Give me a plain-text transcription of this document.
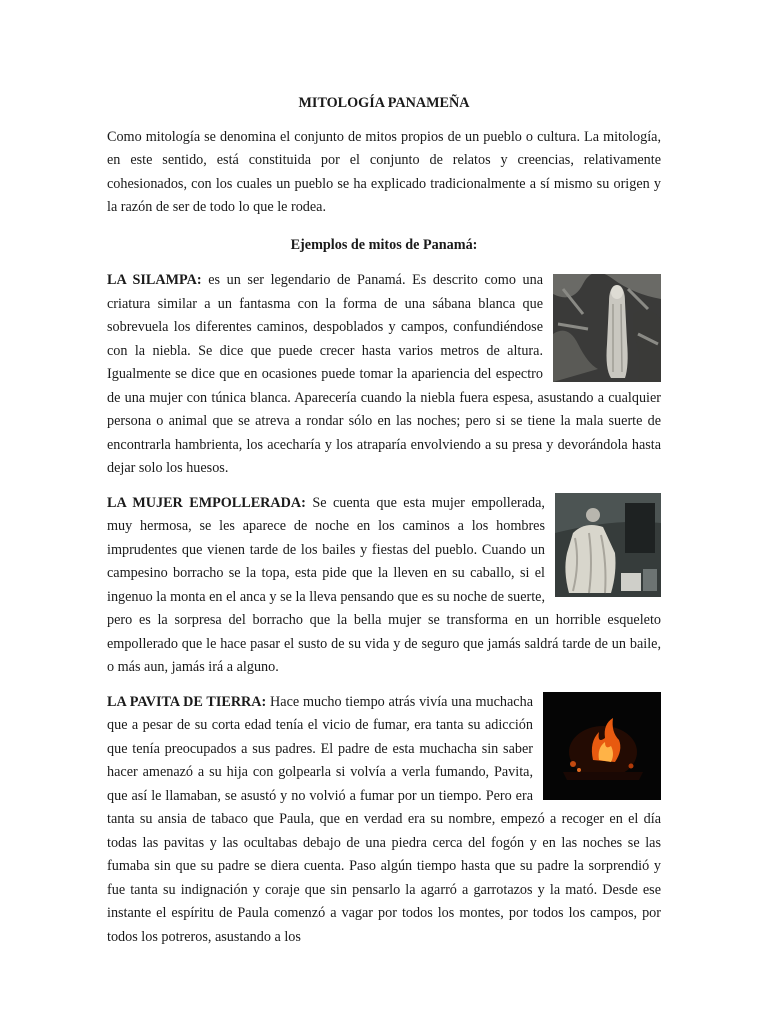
MITOLOGÍA PANAMEÑA

Como mitología se denomina el conjunto de mitos propios de un pueblo o cultura. La mitología, en este sentido, está constituida por el conjunto de relatos y creencias, relativamente cohesionados, con los cuales un pueblo se ha explicado tradicionalmente a sí mismo su origen y la razón de ser de todo lo que le rodea.

Ejemplos de mitos de Panamá:

LA SILAMPA: es un ser legendario de Panamá. Es descrito como una criatura similar a un fantasma con la forma de una sábana blanca que sobrevuela los diferentes caminos, despoblados y campos, confundiéndose con la niebla. Se dice que puede crecer hasta varios metros de altura. Igualmente se dice que en ocasiones puede tomar la apariencia del espectro de una mujer con túnica blanca. Aparecería cuando la niebla fuera espesa, asustando a cualquier persona o animal que se atreva a rondar sólo en las noches; pero si se tiene la mala suerte de encontrarla hambrienta, los acecharía y los atraparía envolviendo a su presa y devorándola hasta dejar solo los huesos.

LA MUJER EMPOLLERADA: Se cuenta que esta mujer empollerada, muy hermosa, se les aparece de noche en los caminos a los hombres imprudentes que vienen tarde de los bailes y fiestas del pueblo. Cuando un campesino borracho se la topa, esta pide que la lleven en su caballo, si el ingenuo la monta en el anca y se la lleva pensando que es su noche de suerte, pero es la sorpresa del borracho que la bella mujer se transforma en un horrible esqueleto empollerado que le hace pasar el susto de su vida y de seguro que jamás saldrá tarde de un baile, o más aun, jamás irá a alguno.

LA PAVITA DE TIERRA: Hace mucho tiempo atrás vivía una muchacha que a pesar de su corta edad tenía el vicio de fumar, era tanta su adicción que tenía preocupados a sus padres. El padre de esta muchacha sin saber hacer amenazó a su hija con golpearla si volvía a verla fumando, Pavita, que así le llamaban, se asustó y no volvió a fumar por un tiempo. Pero era tanta su ansia de tabaco que Paula, que en verdad era su nombre, empezó a recoger en el día todas las pavitas y las ocultabas debajo de una piedra cerca del fogón y en las noches se las fumaba sin que su padre se diera cuenta. Paso algún tiempo hasta que su padre la sorprendió y fue tanta su indignación y coraje que sin pensarlo la agarró a garrotazos y la mató. Desde ese instante el espíritu de Paula comenzó a vagar por todos los montes, por todos los campos, por todos los potreros, asustando a los
